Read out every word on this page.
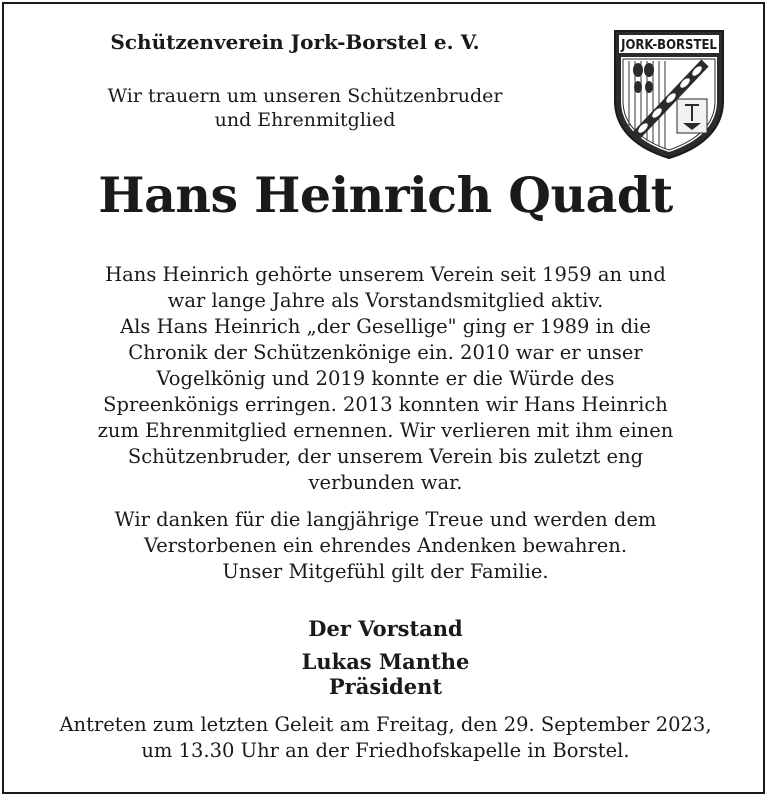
Schützenverein Jork-Borstel e. V.
Wir trauern um unseren Schützenbruder
und Ehrenmitglied
JORK-BORSTEL
Hans Heinrich Quadt
Hans Heinrich gehörte unserem Verein seit 1959 an und
war lange Jahre als Vorstandsmitglied aktiv.
Als Hans Heinrich „der Gesellige" ging er 1989 in die
Chronik der Schützenkönige ein. 2010 war er unser
Vogelkönig und 2019 konnte er die Würde des
Spreenkönigs erringen. 2013 konnten wir Hans Heinrich
zum Ehrenmitglied ernennen. Wir verlieren mit ihm einen
Schützenbruder, der unserem Verein bis zuletzt eng
verbunden war.
Wir danken für die langjährige Treue und werden dem
Verstorbenen ein ehrendes Andenken bewahren.
Unser Mitgefühl gilt der Familie.
Der Vorstand
Lukas Manthe
Präsident
Antreten zum letzten Geleit am Freitag, den 29. September 2023,
um 13.30 Uhr an der Friedhofskapelle in Borstel.
